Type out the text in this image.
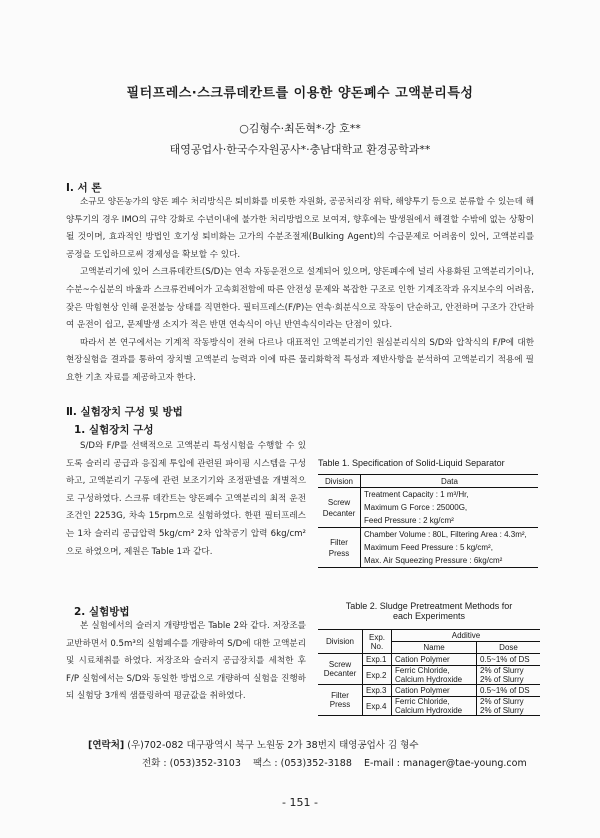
필터프레스·스크류데칸트를 이용한 양돈폐수 고액분리특성
○김형수·최돈혁*·강 호**
태영공업사·한국수자원공사*·충남대학교 환경공학과**
Ⅰ. 서 론

소규모 양돈농가의 양돈 폐수 처리방식은 퇴비화를 비롯한 자원화, 공공처리장 위탁, 해양투기 등으로 분류할 수 있는데 해양투기의 경우 IMO의 규약 강화로 수년이내에 불가한 처리방법으로 보여져, 향후에는 발생원에서 해결할 수밖에 없는 상황이 될 것이며, 효과적인 방법인 호기성 퇴비화는 고가의 수분조절제(Bulking Agent)의 수급문제로 어려움이 있어, 고액분리를 공정을 도입하므로써 경제성을 확보할 수 있다.

고액분리기에 있어 스크류데칸트(S/D)는 연속 자동운전으로 설계되어 있으며, 양돈폐수에 널리 사용화된 고액분리기이나, 수분~수십분의 바울과 스크류컨베어가 고속회전함에 따른 안전성 문제와 복잡한 구조로 인한 기계조작과 유지보수의 어려움, 잦은 막힘현상 인해 운전불능 상태를 직면한다. 필터프레스(F/P)는 연속·회분식으로 작동이 단순하고, 안전하며 구조가 간단하여 운전이 쉽고, 문제발생 소지가 적은 반면 연속식이 아닌 반연속식이라는 단점이 있다.

따라서 본 연구에서는 기계적 작동방식이 전혀 다르나 대표적인 고액분리기인 원심분리식의 S/D와 압착식의 F/P에 대한 현장실험을 결과를 통하여 장치별 고액분리 능력과 이에 따른 물리화학적 특성과 제반사항을 분석하여 고액분리기 적용에 필요한 기초 자료를 제공하고자 한다.

Ⅱ. 실험장치 구성 및 방법
1. 실험장치 구성

S/D와 F/P를 선택적으로 고액분리 특성시험을 수행할 수 있도록 슬러리 공급과 응집제 투입에 관련된 파이핑 시스템을 구성하고, 고액분리기 구동에 관련 보조기기와 조정판넬을 개별적으로 구성하였다. 스크류 데칸트는 양돈폐수 고액분리의 최적 운전 조건인 2253G, 차속 15rpm으로 실험하였다. 한편 필터프레스는 1차 슬러리 공급압력 5kg/cm² 2차 압착공기 압력 6kg/cm²으로 하였으며, 제원은 Table 1과 같다.

Table 1. Specification of Solid-Liquid Separator
Division	Data
Screw Decanter	Treatment Capacity : 1 m³/Hr,
	Maximum G Force : 25000G,
	Feed Pressure : 2 kg/cm²
Filter Press	Chamber Volume : 80L, Filtering Area : 4.3m²,
	Maximum Feed Pressure : 5 kg/cm²,
	Max. Air Squeezing Pressure : 6kg/cm²
2. 실험방법

본 실험에서의 슬러지 개량방법은 Table 2와 같다. 저장조를 교반하면서 0.5m³의 실험폐수를 개량하여 S/D에 대한 고액분리 및 시료채취를 하였다. 저장조와 슬러지 공급장치를 세척한 후 F/P 실험에서는 S/D와 동일한 방법으로 개량하여 실험을 진행하되 실험당 3개씩 샘플링하여 평균값을 취하였다.

Table 2. Sludge Pretreatment Methods for
each Experiments
Division	Exp. No.	Additive	
		Name	Dose
Screw Decanter	Exp.1	Cation Polymer	0.5~1% of DS
	Exp.2	Ferric Chloride, Calcium Hydroxide	2% of Slurry 2% of Slurry
Filter Press	Exp.3	Cation Polymer	0.5~1% of DS
	Exp.4	Ferric Chloride, Calcium Hydroxide	2% of Slurry 2% of Slurry
[연락처] (우)702-082 대구광역시 북구 노원동 2가 38번지 태영공업사 김 형수
전화 : (053)352-3103 팩스 : (053)352-3188 E-mail : manager@tae-young.com
- 151 -
